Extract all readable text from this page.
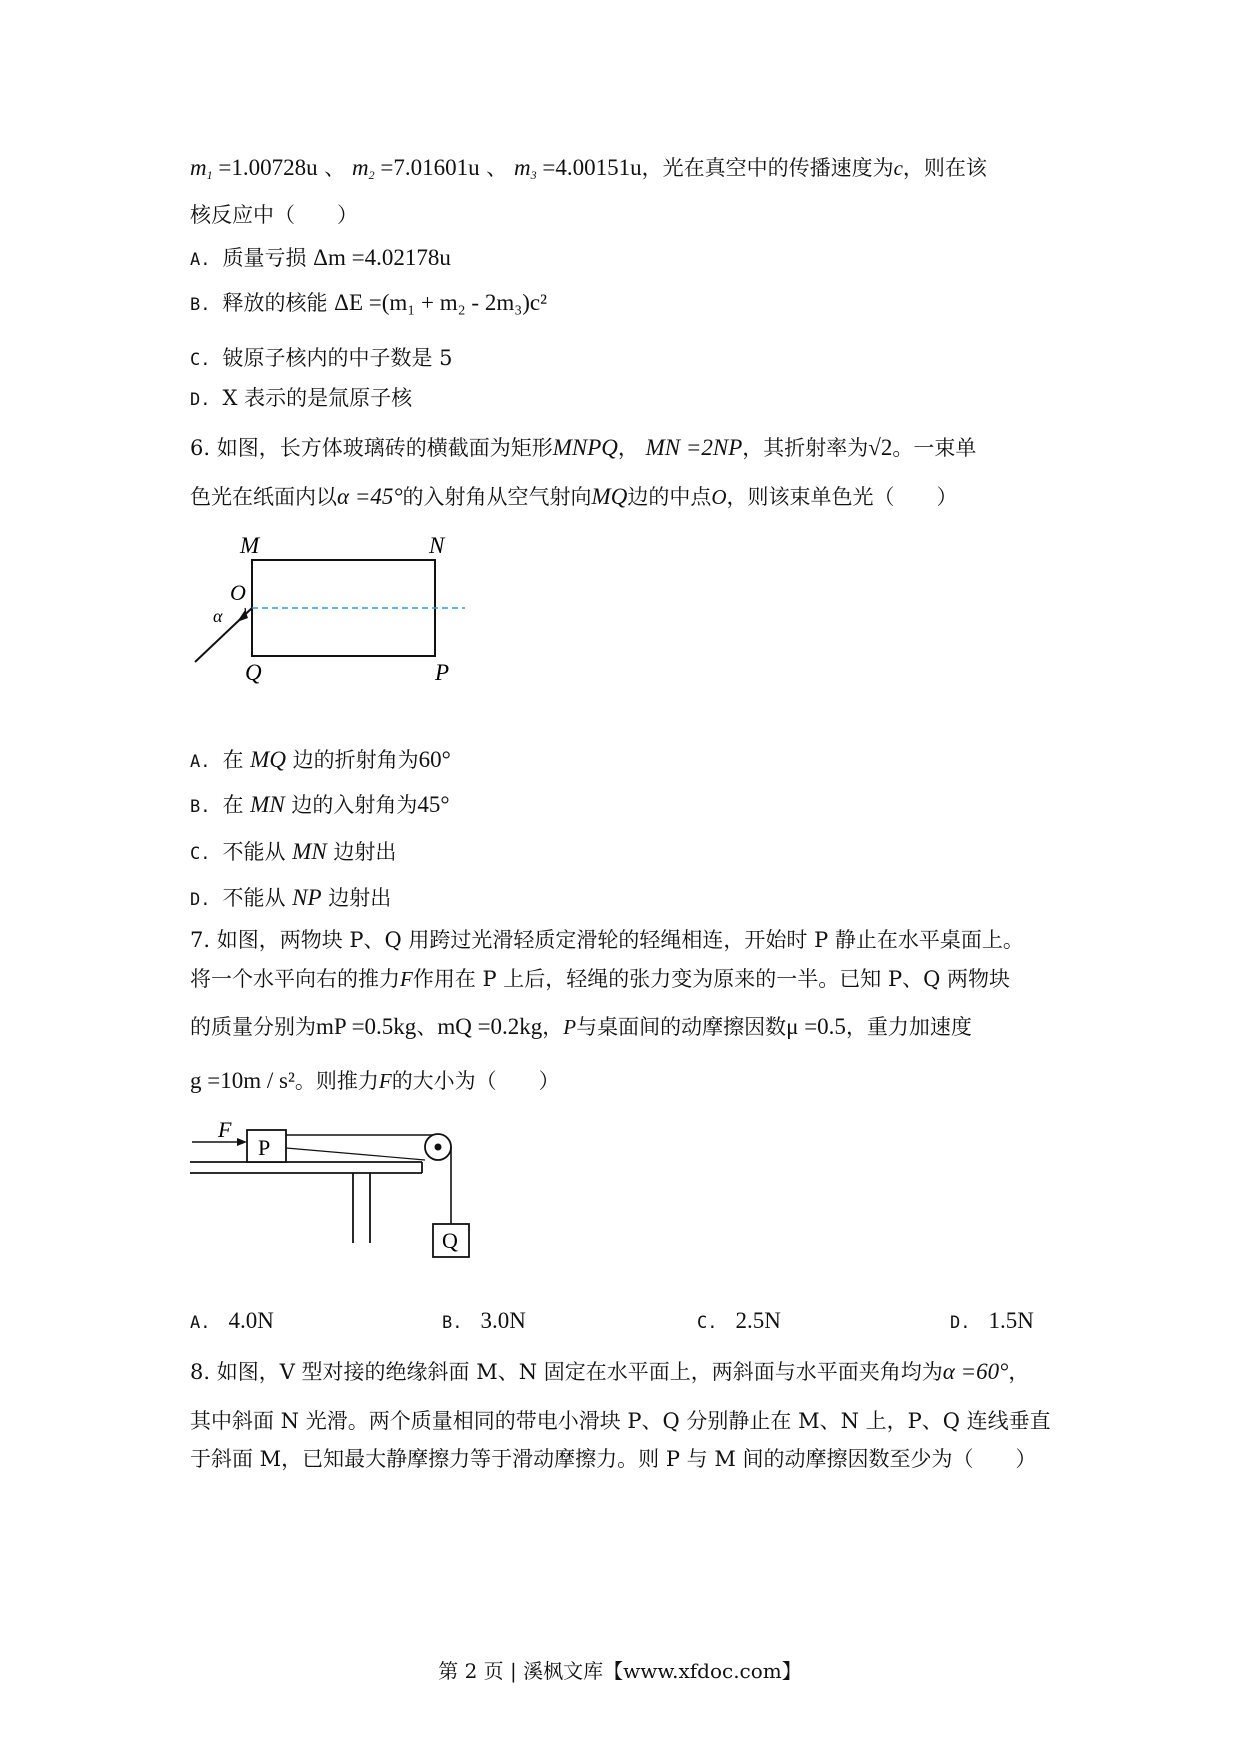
$m_1 =1.00728u$ 、 $m_2 =7.01601u$ 、 $m_3 =4.00151u$，光在真空中的传播速度为c，则在该
核反应中（　　）
A. 质量亏损 Δm =4.02178u
B. 释放的核能 ΔE =(m₁ + m₂ - 2m₃)c²
C. 铍原子核内的中子数是 5
D. X 表示的是氚原子核
6. 如图，长方体玻璃砖的横截面为矩形MNPQ， MN =2NP，其折射率为√2。一束单
色光在纸面内以α =45°的入射角从空气射向MQ边的中点O，则该束单色光（　　）
M	N
O
α
Q	P
A. 在 MQ 边的折射角为60°
B. 在 MN 边的入射角为45°
C. 不能从 MN 边射出
D. 不能从 NP 边射出
7. 如图，两物块 P、Q 用跨过光滑轻质定滑轮的轻绳相连，开始时 P 静止在水平桌面上。
将一个水平向右的推力F作用在 P 上后，轻绳的张力变为原来的一半。已知 P、Q 两物块
的质量分别为mP =0.5kg、mQ =0.2kg，P与桌面间的动摩擦因数μ =0.5，重力加速度
g =10m / s²。则推力F的大小为（　　）
F
P
Q
A. 4.0N	B. 3.0N	C. 2.5N	D. 1.5N
8. 如图，V 型对接的绝缘斜面 M、N 固定在水平面上，两斜面与水平面夹角均为α =60°，
其中斜面 N 光滑。两个质量相同的带电小滑块 P、Q 分别静止在 M、N 上，P、Q 连线垂直
于斜面 M，已知最大静摩擦力等于滑动摩擦力。则 P 与 M 间的动摩擦因数至少为（　　）
第 2 页 | 溪枫文库【www.xfdoc.com】
